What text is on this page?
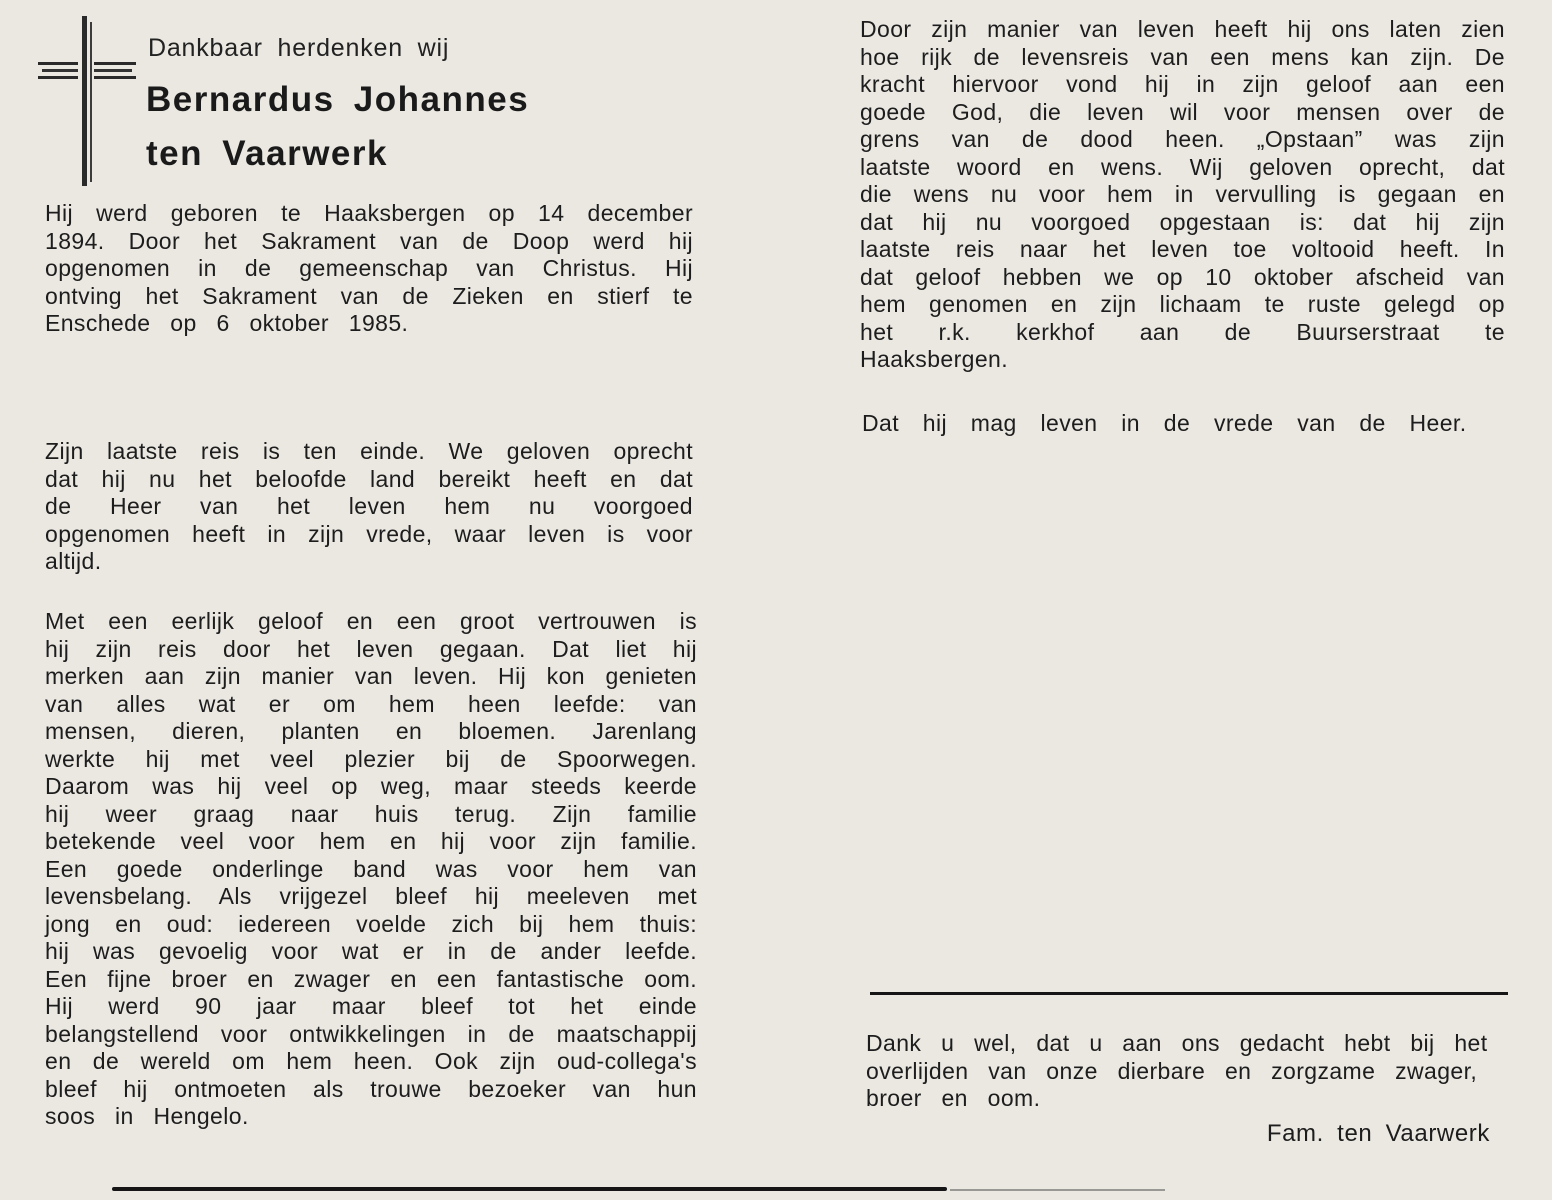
Dankbaar herdenken wij
Bernardus Johannes
ten Vaarwerk

Hij werd geboren te Haaksbergen op 14 december 1894. Door het Sakrament van de Doop werd hij opgenomen in de gemeenschap van Christus. Hij ontving het Sakrament van de Zieken en stierf te Enschede op 6 oktober 1985.

Zijn laatste reis is ten einde. We geloven oprecht dat hij nu het beloofde land bereikt heeft en dat de Heer van het leven hem nu voorgoed opgenomen heeft in zijn vrede, waar leven is voor altijd.

Met een eerlijk geloof en een groot vertrouwen is hij zijn reis door het leven gegaan. Dat liet hij merken aan zijn manier van leven. Hij kon genieten van alles wat er om hem heen leefde: van mensen, dieren, planten en bloemen. Jarenlang werkte hij met veel plezier bij de Spoorwegen. Daarom was hij veel op weg, maar steeds keerde hij weer graag naar huis terug. Zijn familie betekende veel voor hem en hij voor zijn familie. Een goede onderlinge band was voor hem van levensbelang. Als vrijgezel bleef hij meeleven met jong en oud: iedereen voelde zich bij hem thuis: hij was gevoelig voor wat er in de ander leefde. Een fijne broer en zwager en een fantastische oom. Hij werd 90 jaar maar bleef tot het einde belangstellend voor ontwikkelingen in de maatschappij en de wereld om hem heen. Ook zijn oud-collega's bleef hij ontmoeten als trouwe bezoeker van hun soos in Hengelo.

Door zijn manier van leven heeft hij ons laten zien hoe rijk de levensreis van een mens kan zijn. De kracht hiervoor vond hij in zijn geloof aan een goede God, die leven wil voor mensen over de grens van de dood heen. „Opstaan” was zijn laatste woord en wens. Wij geloven oprecht, dat die wens nu voor hem in vervulling is gegaan en dat hij nu voorgoed opgestaan is: dat hij zijn laatste reis naar het leven toe voltooid heeft. In dat geloof hebben we op 10 oktober afscheid van hem genomen en zijn lichaam te ruste gelegd op het r.k. kerkhof aan de Buurserstraat te Haaksbergen.

Dat hij mag leven in de vrede van de Heer.

Dank u wel, dat u aan ons gedacht hebt bij het overlijden van onze dierbare en zorgzame zwager, broer en oom.

Fam. ten Vaarwerk
